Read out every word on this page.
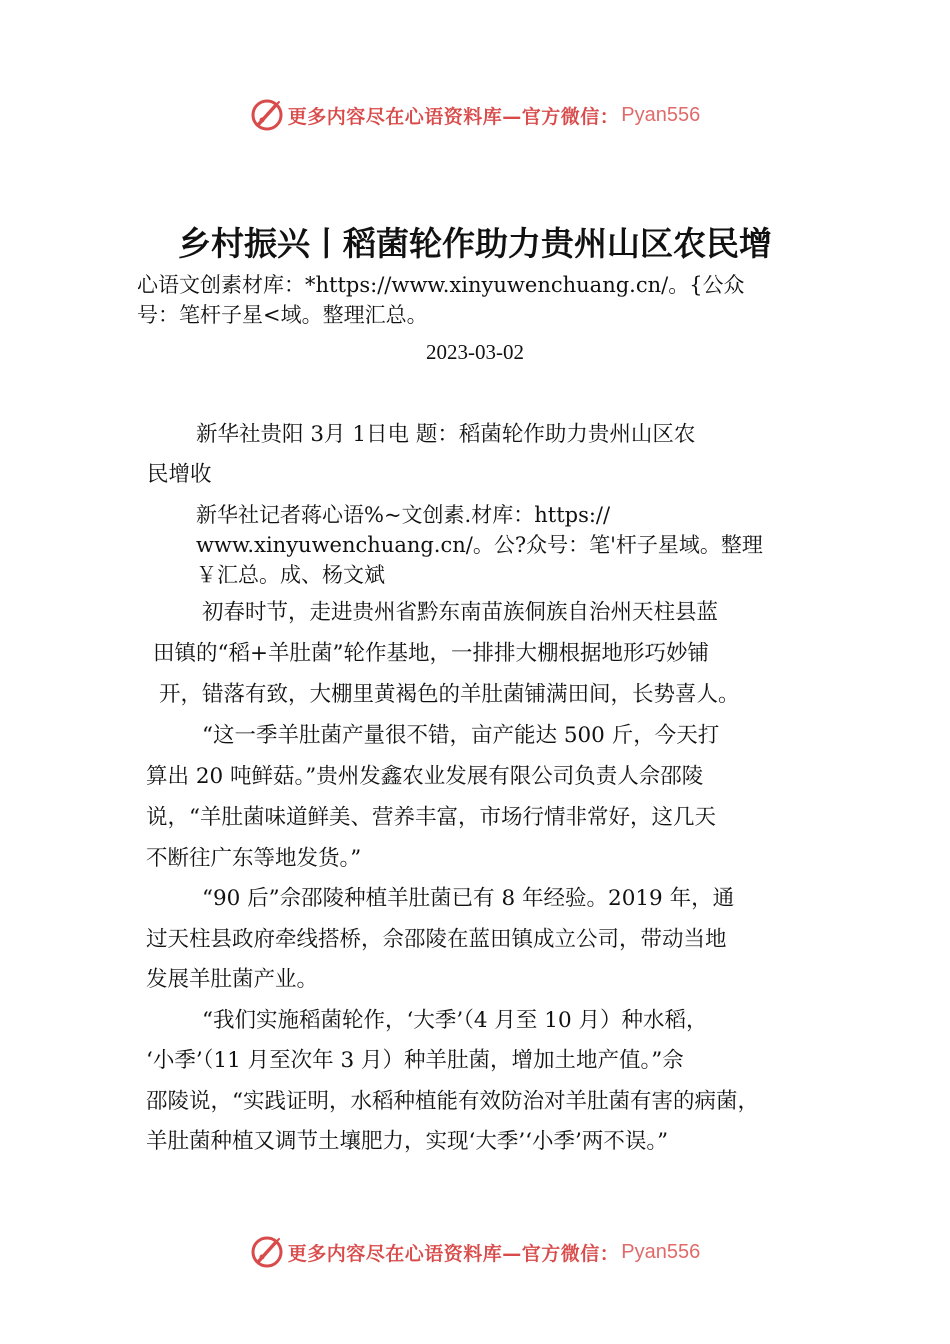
更多内容尽在心语资料库—官方微信： Pyan556
乡村振兴丨稻菌轮作助力贵州山区农民增
心语文创素材库：*https://www.xinyuwenchuang.cn/。{公众
号：笔杆子星<域。整理汇总。
2023-03-02
新华社贵阳 3月 1日电 题：稻菌轮作助力贵州山区农
民增收
新华社记者蒋心语%~文创素.材库：https://
www.xinyuwenchuang.cn/。公?众号：笔'杆子星域。整理
￥汇总。成、杨文斌
初春时节，走进贵州省黔东南苗族侗族自治州天柱县蓝
田镇的“稻+羊肚菌”轮作基地，一排排大棚根据地形巧妙铺
开，错落有致，大棚里黄褐色的羊肚菌铺满田间，长势喜人。
“这一季羊肚菌产量很不错，亩产能达 500 斤，今天打
算出 20 吨鲜菇。”贵州发鑫农业发展有限公司负责人佘邵陵
说，“羊肚菌味道鲜美、营养丰富，市场行情非常好，这几天
不断往广东等地发货。”
“90 后”佘邵陵种植羊肚菌已有 8 年经验。2019 年，通
过天柱县政府牵线搭桥，佘邵陵在蓝田镇成立公司，带动当地
发展羊肚菌产业。
“我们实施稻菌轮作，‘大季’（4 月至 10 月）种水稻，
‘小季’（11 月至次年 3 月）种羊肚菌，增加土地产值。”佘
邵陵说，“实践证明，水稻种植能有效防治对羊肚菌有害的病菌，
羊肚菌种植又调节土壤肥力，实现‘大季’‘小季’两不误。”
更多内容尽在心语资料库—官方微信： Pyan556
